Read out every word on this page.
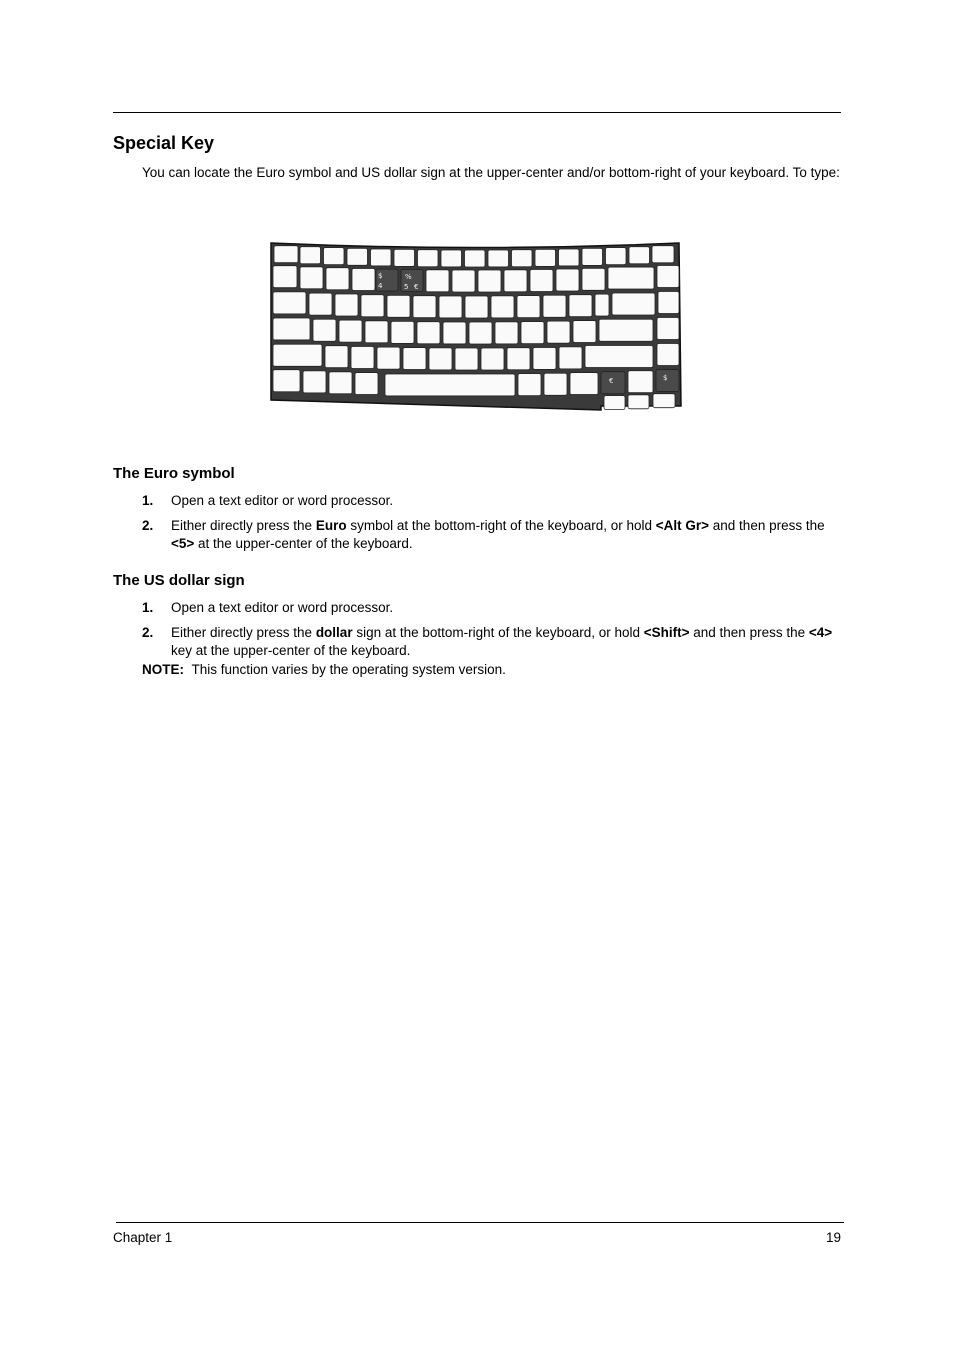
Special Key
You can locate the Euro symbol and US dollar sign at the upper-center and/or bottom-right of your keyboard. To type:
$
4
%
5 €
€	$
The Euro symbol
1. Open a text editor or word processor.
2. Either directly press the Euro symbol at the bottom-right of the keyboard, or hold <Alt Gr> and then press the <5> at the upper-center of the keyboard.
The US dollar sign
1. Open a text editor or word processor.
2. Either directly press the dollar sign at the bottom-right of the keyboard, or hold <Shift> and then press the <4> key at the upper-center of the keyboard.
NOTE: This function varies by the operating system version.
Chapter 1	19
